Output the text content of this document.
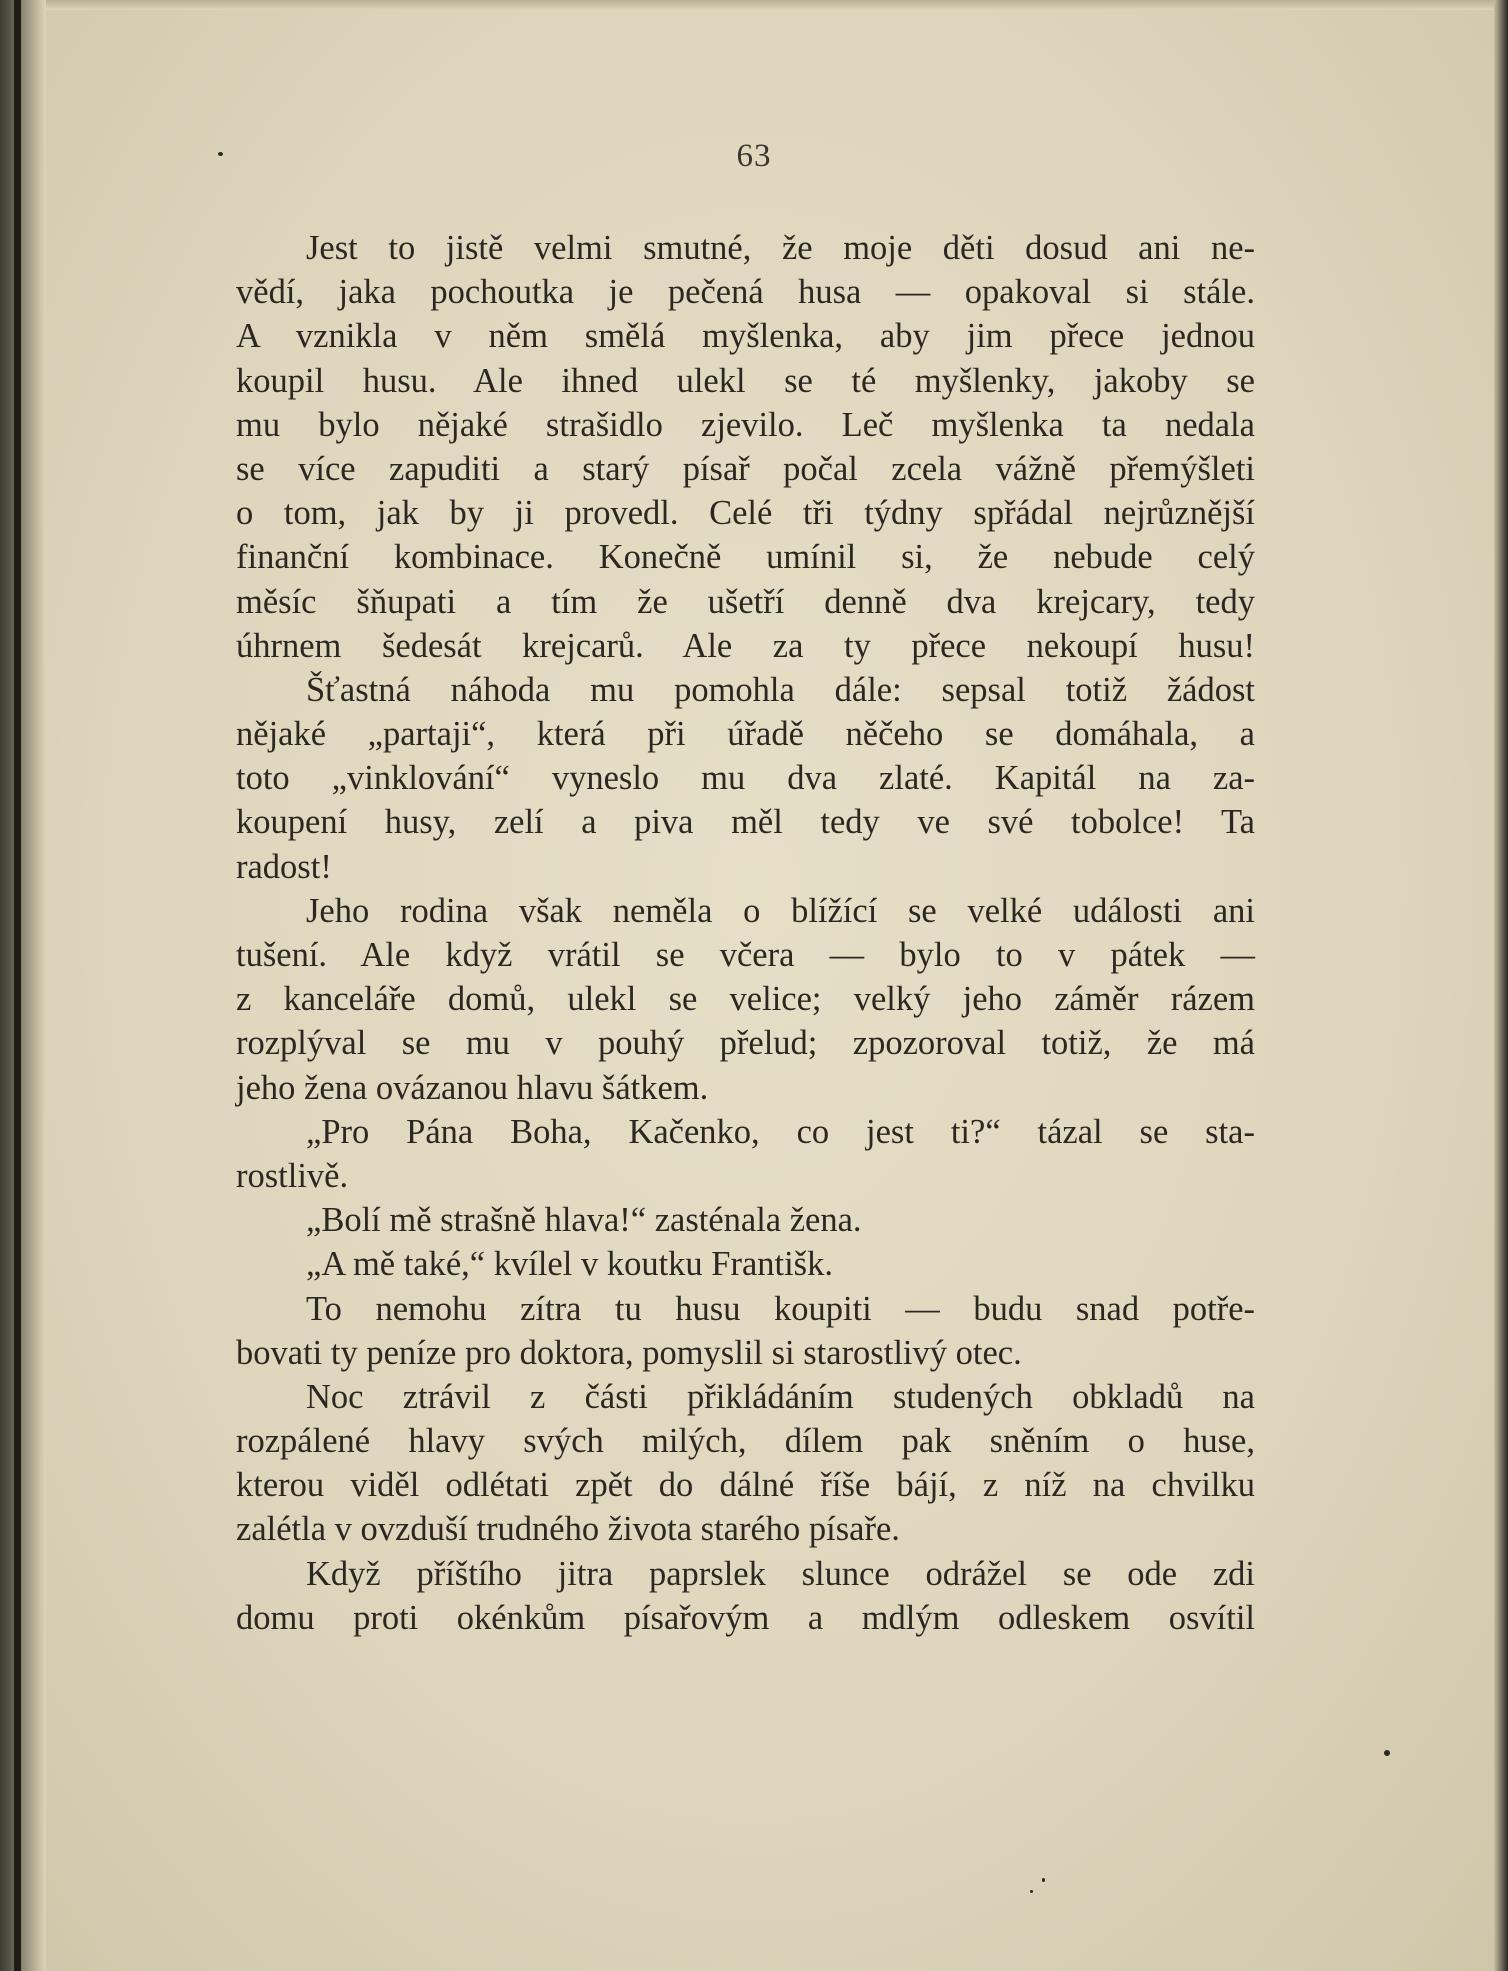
63
Jest to jistě velmi smutné, že moje děti dosud ani ne-
vědí, jaka pochoutka je pečená husa — opakoval si stále.
A vznikla v něm smělá myšlenka, aby jim přece jednou
koupil husu. Ale ihned ulekl se té myšlenky, jakoby se
mu bylo nějaké strašidlo zjevilo. Leč myšlenka ta nedala
se více zapuditi a starý písař počal zcela vážně přemýšleti
o tom, jak by ji provedl. Celé tři týdny spřádal nejrůznější
finanční kombinace. Konečně umínil si, že nebude celý
měsíc šňupati a tím že ušetří denně dva krejcary, tedy
úhrnem šedesát krejcarů. Ale za ty přece nekoupí husu!
Šťastná náhoda mu pomohla dále: sepsal totiž žádost
nějaké „partaji“, která při úřadě něčeho se domáhala, a
toto „vinklování“ vyneslo mu dva zlaté. Kapitál na za-
koupení husy, zelí a piva měl tedy ve své tobolce! Ta
radost!
Jeho rodina však neměla o blížící se velké události ani
tušení. Ale když vrátil se včera — bylo to v pátek —
z kanceláře domů, ulekl se velice; velký jeho záměr rázem
rozplýval se mu v pouhý přelud; zpozoroval totiž, že má
jeho žena ovázanou hlavu šátkem.
„Pro Pána Boha, Kačenko, co jest ti?“ tázal se sta-
rostlivě.
„Bolí mě strašně hlava!“ zasténala žena.
„A mě také,“ kvílel v koutku Františk.
To nemohu zítra tu husu koupiti — budu snad potře-
bovati ty peníze pro doktora, pomyslil si starostlivý otec.
Noc ztrávil z části přikládáním studených obkladů na
rozpálené hlavy svých milých, dílem pak sněním o huse,
kterou viděl odlétati zpět do dálné říše bájí, z níž na chvilku
zalétla v ovzduší trudného života starého písaře.
Když příštího jitra paprslek slunce odrážel se ode zdi
domu proti okénkům písařovým a mdlým odleskem osvítil
